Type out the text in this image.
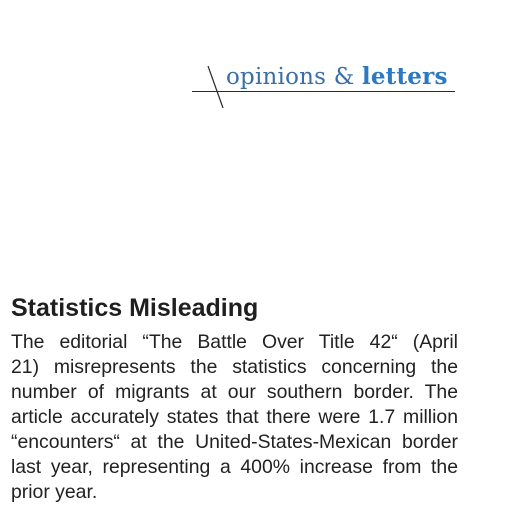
opinions & letters
Statistics Misleading
The editorial “The Battle Over Title 42“ (April
21) misrepresents the statistics concerning the
number of migrants at our southern border. The
article accurately states that there were 1.7 million
“encounters“ at the United-States-Mexican border
last year, representing a 400% increase from the
prior year.
